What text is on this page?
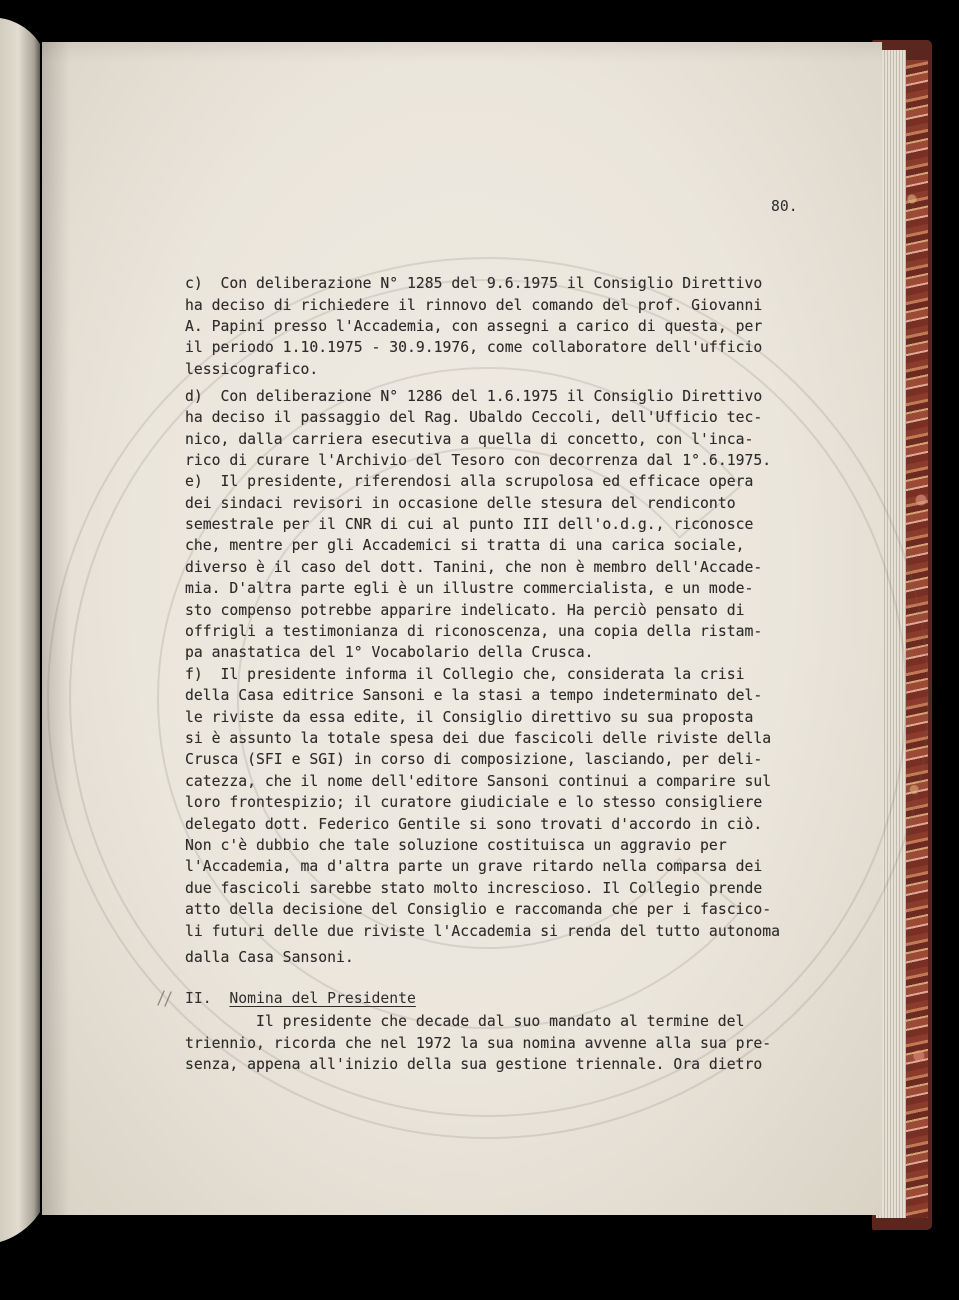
80.
c)  Con deliberazione N° 1285 del 9.6.1975 il Consiglio Direttivo
ha deciso di richiedere il rinnovo del comando del prof. Giovanni
A. Papini presso l'Accademia, con assegni a carico di questa, per
il periodo 1.10.1975 - 30.9.1976, come collaboratore dell'ufficio
lessicografico.
d)  Con deliberazione N° 1286 del 1.6.1975 il Consiglio Direttivo
ha deciso il passaggio del Rag. Ubaldo Ceccoli, dell'Ufficio tec-
nico, dalla carriera esecutiva a quella di concetto, con l'inca-
rico di curare l'Archivio del Tesoro con decorrenza dal 1°.6.1975.
e)  Il presidente, riferendosi alla scrupolosa ed efficace opera
dei sindaci revisori in occasione delle stesura del rendiconto
semestrale per il CNR di cui al punto III dell'o.d.g., riconosce
che, mentre per gli Accademici si tratta di una carica sociale,
diverso è il caso del dott. Tanini, che non è membro dell'Accade-
mia. D'altra parte egli è un illustre commercialista, e un mode-
sto compenso potrebbe apparire indelicato. Ha perciò pensato di
offrigli a testimonianza di riconoscenza, una copia della ristam-
pa anastatica del 1° Vocabolario della Crusca.
f)  Il presidente informa il Collegio che, considerata la crisi
della Casa editrice Sansoni e la stasi a tempo indeterminato del-
le riviste da essa edite, il Consiglio direttivo su sua proposta
si è assunto la totale spesa dei due fascicoli delle riviste della
Crusca (SFI e SGI) in corso di composizione, lasciando, per deli-
catezza, che il nome dell'editore Sansoni continui a comparire sul
loro frontespizio; il curatore giudiciale e lo stesso consigliere
delegato dott. Federico Gentile si sono trovati d'accordo in ciò.
Non c'è dubbio che tale soluzione costituisca un aggravio per
l'Accademia, ma d'altra parte un grave ritardo nella comparsa dei
due fascicoli sarebbe stato molto increscioso. Il Collegio prende
atto della decisione del Consiglio e raccomanda che per i fascico-
li futuri delle due riviste l'Accademia si renda del tutto autonoma
dalla Casa Sansoni.
II. Nomina del Presidente
Il presidente che decade dal suo mandato al termine del
triennio, ricorda che nel 1972 la sua nomina avvenne alla sua pre-
senza, appena all'inizio della sua gestione triennale. Ora dietro
